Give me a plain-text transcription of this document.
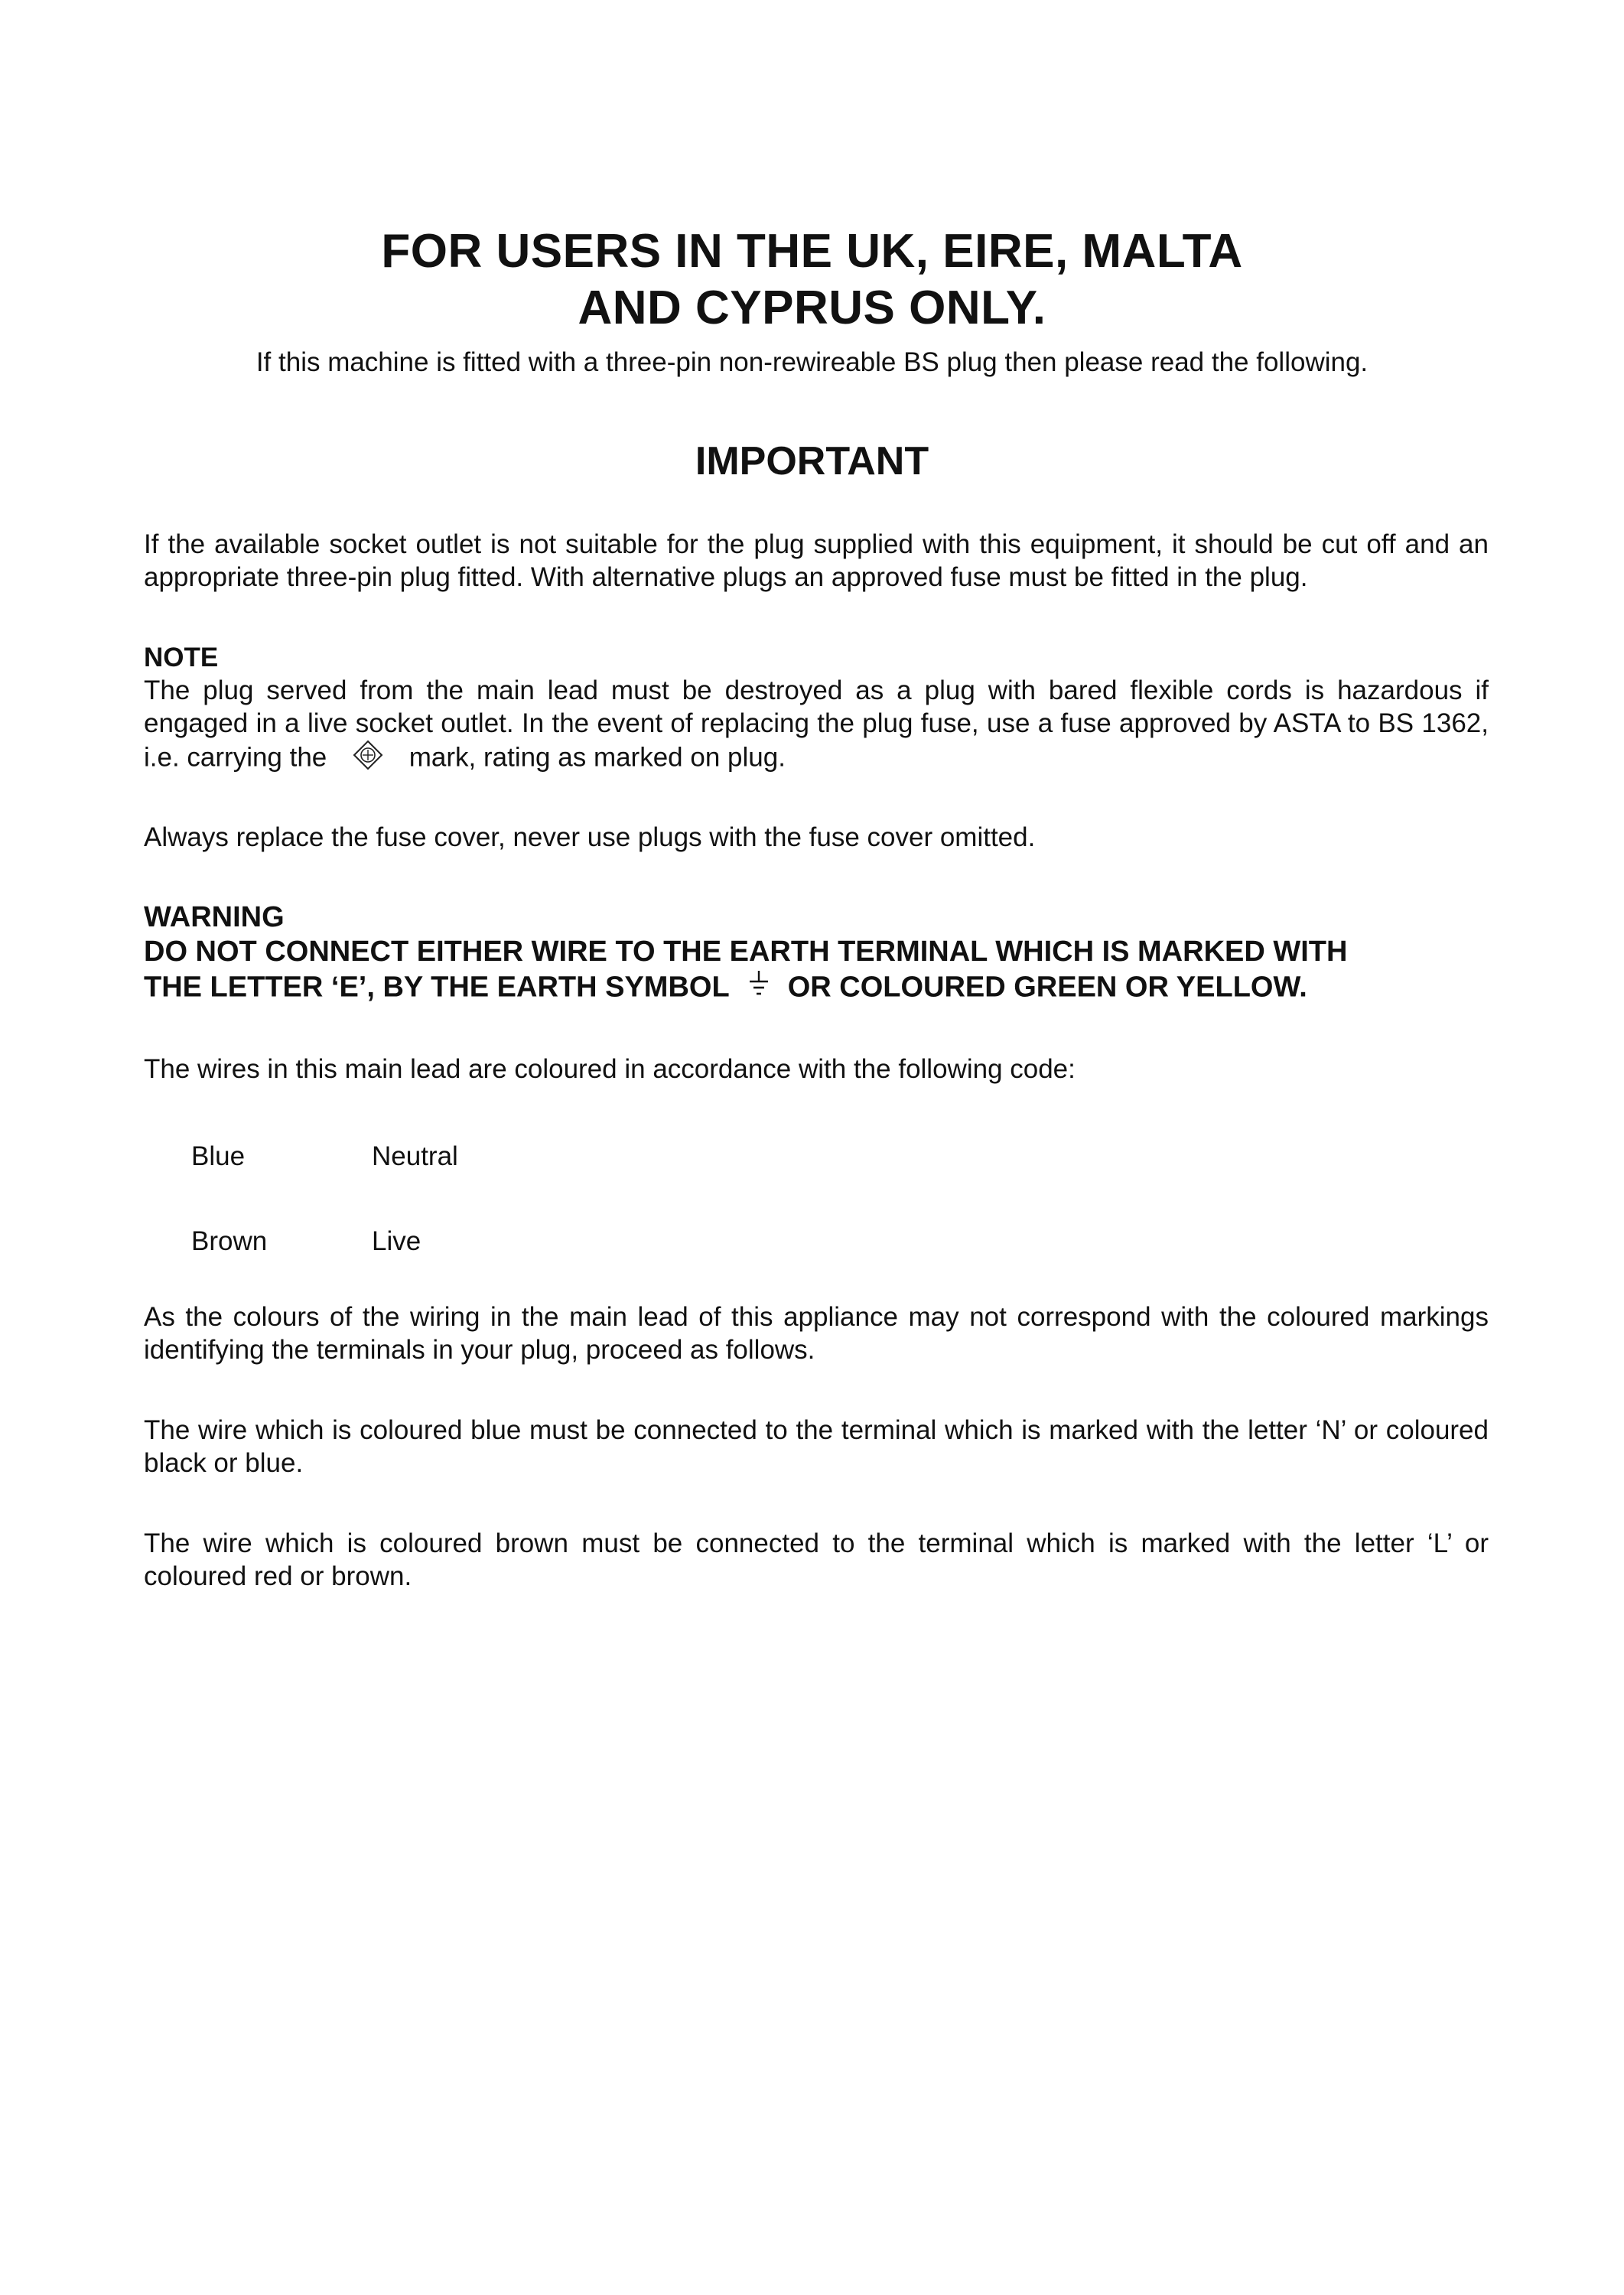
FOR USERS IN THE UK, EIRE, MALTA
AND CYPRUS ONLY.
If this machine is fitted with a three-pin non-rewireable BS plug then please read the following.
IMPORTANT
If the available socket outlet is not suitable for the plug supplied with this equipment, it should be cut off and an appropriate three-pin plug fitted. With alternative plugs an approved fuse must be fitted in the plug.
NOTE
The plug served from the main lead must be destroyed as a plug with bared flexible cords is hazardous if engaged in a live socket outlet. In the event of replacing the plug fuse, use a fuse approved by ASTA to BS 1362, i.e. carrying the	mark, rating as marked on plug.
Always replace the fuse cover, never use plugs with the fuse cover omitted.
WARNING
DO NOT CONNECT EITHER WIRE TO THE EARTH TERMINAL WHICH IS MARKED WITH
THE LETTER ‘E’, BY THE EARTH SYMBOL OR COLOURED GREEN OR YELLOW.
The wires in this main lead are coloured in accordance with the following code:
Blue	Neutral
Brown	Live
As the colours of the wiring in the main lead of this appliance may not correspond with the coloured markings identifying the terminals in your plug, proceed as follows.
The wire which is coloured blue must be connected to the terminal which is marked with the letter ‘N’ or coloured black or blue.
The wire which is coloured brown must be connected to the terminal which is marked with the letter ‘L’ or coloured red or brown.
